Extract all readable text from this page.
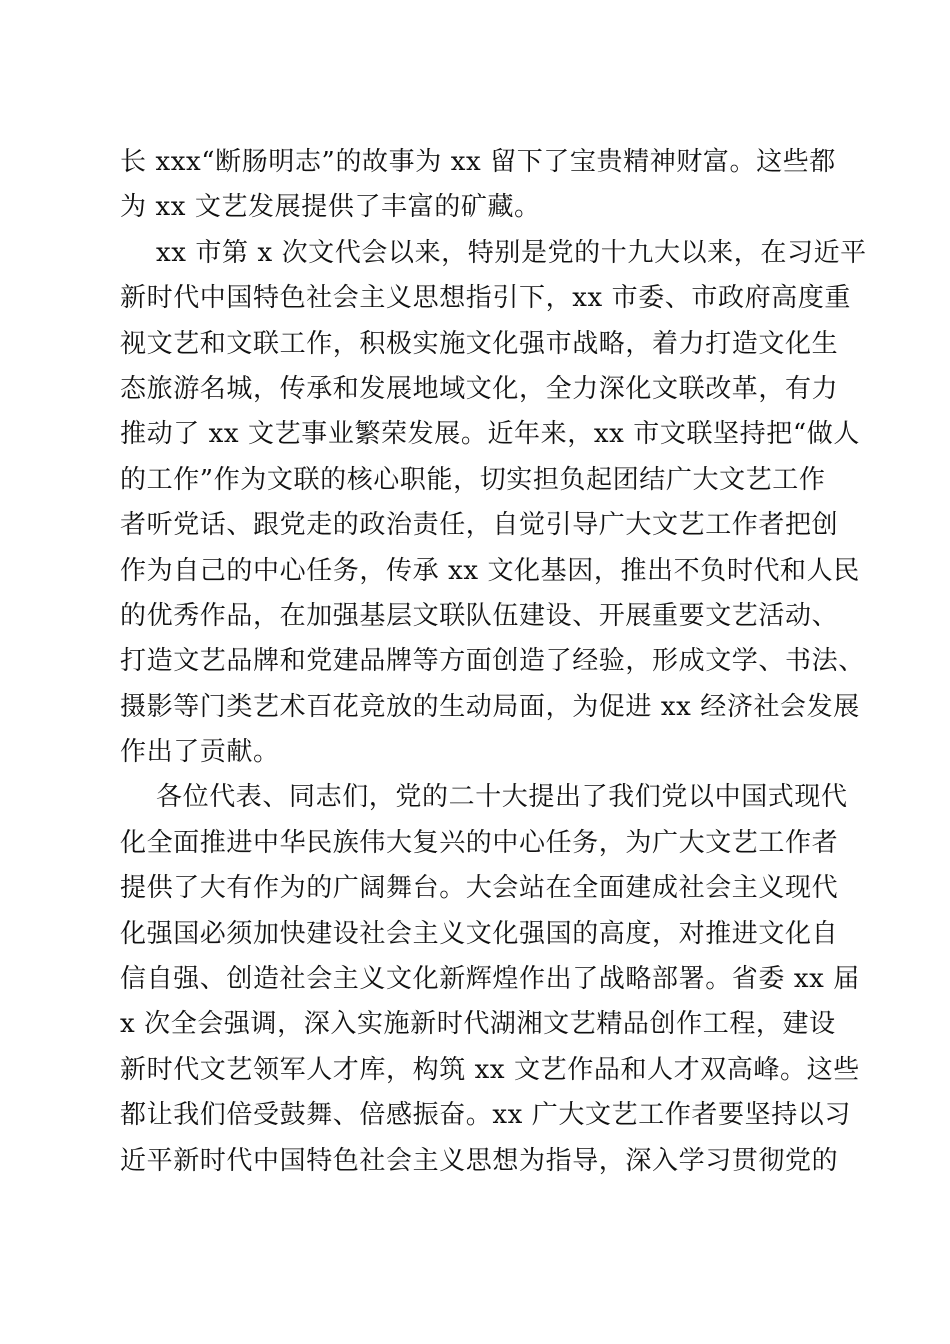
长 xxx“断肠明志”的故事为 xx 留下了宝贵精神财富。这些都
为 xx 文艺发展提供了丰富的矿藏。
xx 市第 x 次文代会以来，特别是党的十九大以来，在习近平
新时代中国特色社会主义思想指引下，xx 市委、市政府高度重
视文艺和文联工作，积极实施文化强市战略，着力打造文化生
态旅游名城，传承和发展地域文化，全力深化文联改革，有力
推动了 xx 文艺事业繁荣发展。近年来，xx 市文联坚持把“做人
的工作”作为文联的核心职能，切实担负起团结广大文艺工作
者听党话、跟党走的政治责任，自觉引导广大文艺工作者把创
作为自己的中心任务，传承 xx 文化基因，推出不负时代和人民
的优秀作品，在加强基层文联队伍建设、开展重要文艺活动、
打造文艺品牌和党建品牌等方面创造了经验，形成文学、书法、
摄影等门类艺术百花竞放的生动局面，为促进 xx 经济社会发展
作出了贡献。
各位代表、同志们，党的二十大提出了我们党以中国式现代
化全面推进中华民族伟大复兴的中心任务，为广大文艺工作者
提供了大有作为的广阔舞台。大会站在全面建成社会主义现代
化强国必须加快建设社会主义文化强国的高度，对推进文化自
信自强、创造社会主义文化新辉煌作出了战略部署。省委 xx 届
x 次全会强调，深入实施新时代湖湘文艺精品创作工程，建设
新时代文艺领军人才库，构筑 xx 文艺作品和人才双高峰。这些
都让我们倍受鼓舞、倍感振奋。xx 广大文艺工作者要坚持以习
近平新时代中国特色社会主义思想为指导，深入学习贯彻党的
